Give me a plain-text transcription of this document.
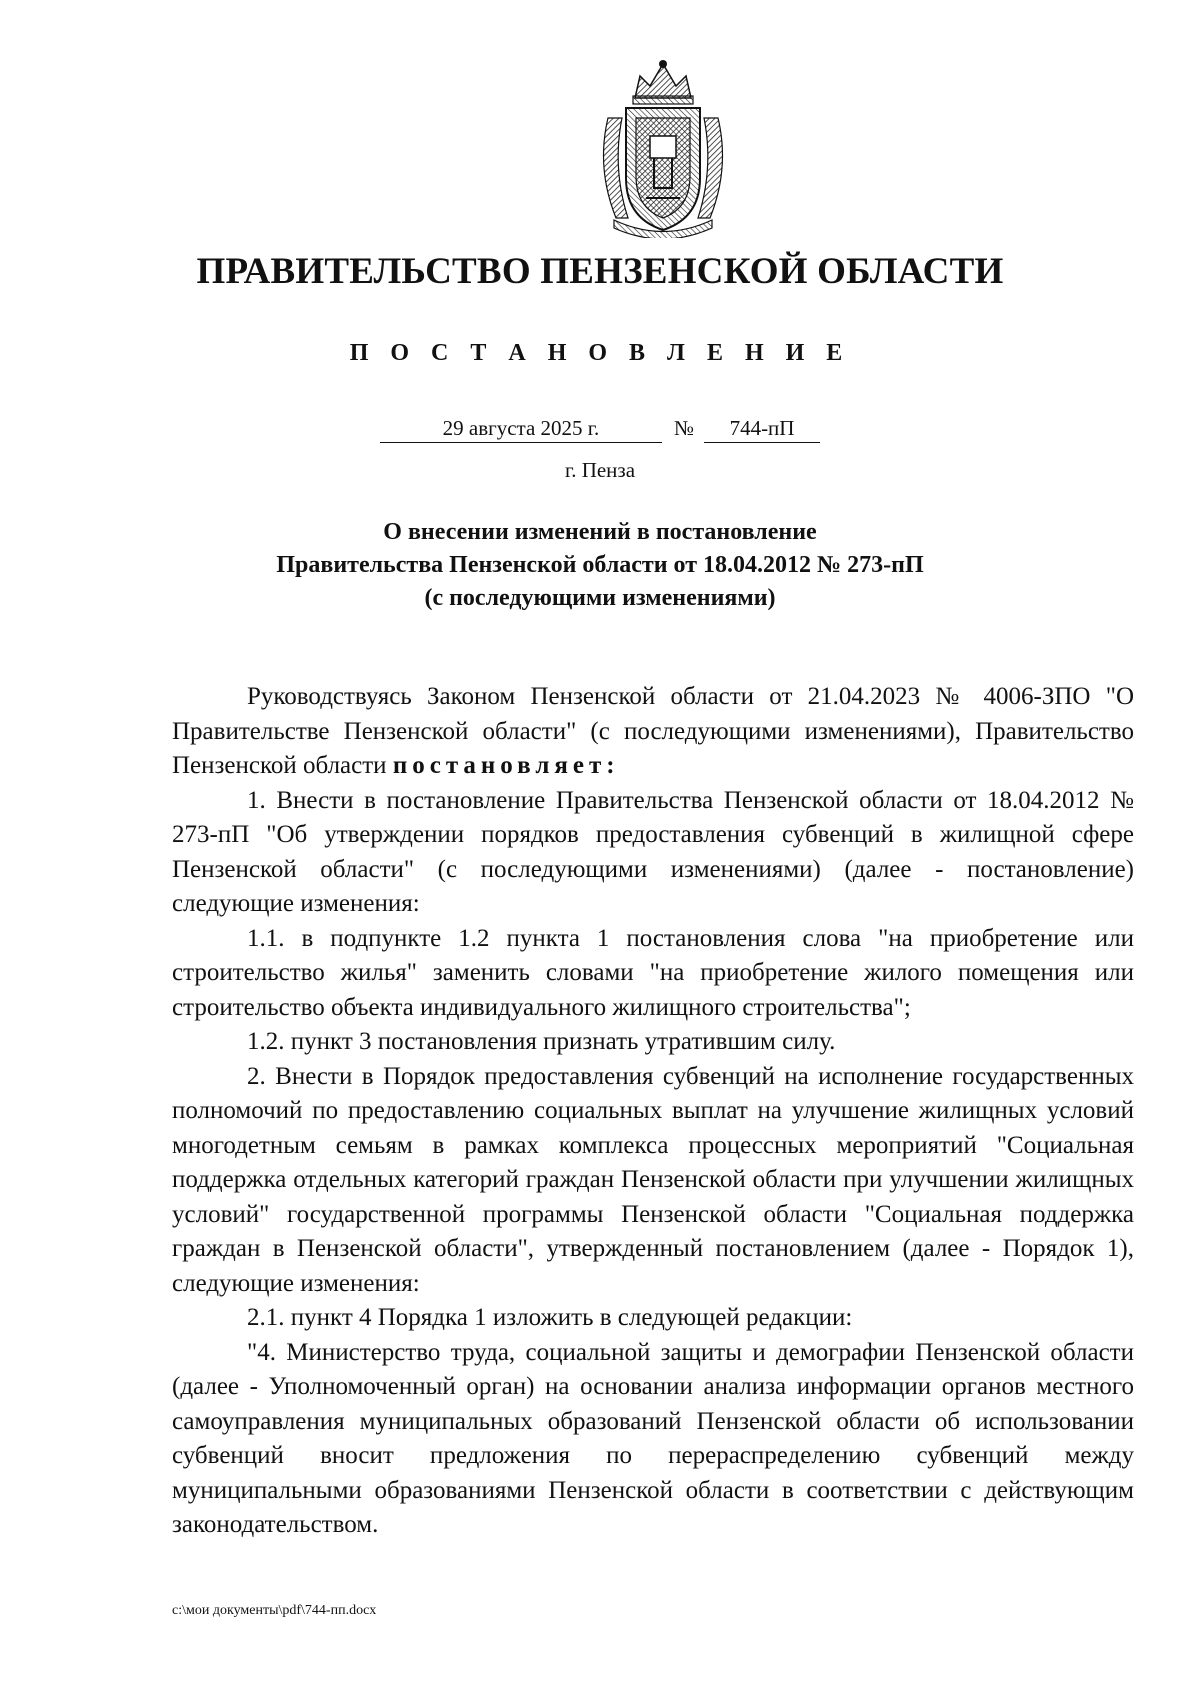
ПРАВИТЕЛЬСТВО ПЕНЗЕНСКОЙ ОБЛАСТИ
П О С Т А Н О В Л Е Н И Е
29 августа 2025 г.	№ 744-пП
г. Пенза
О внесении изменений в постановление
Правительства Пензенской области от 18.04.2012 № 273-пП
(с последующими изменениями)

Руководствуясь Законом Пензенской области от 21.04.2023 № 4006-ЗПО "О Правительстве Пензенской области" (с последующими изменениями), Правительство Пензенской области постановляет:

1. Внести в постановление Правительства Пензенской области от 18.04.2012 № 273-пП "Об утверждении порядков предоставления субвенций в жилищной сфере Пензенской области" (с последующими изменениями) (далее - постановление) следующие изменения:

1.1. в подпункте 1.2 пункта 1 постановления слова "на приобретение или строительство жилья" заменить словами "на приобретение жилого помещения или строительство объекта индивидуального жилищного строительства";

1.2. пункт 3 постановления признать утратившим силу.

2. Внести в Порядок предоставления субвенций на исполнение государственных полномочий по предоставлению социальных выплат на улучшение жилищных условий многодетным семьям в рамках комплекса процессных мероприятий "Социальная поддержка отдельных категорий граждан Пензенской области при улучшении жилищных условий" государственной программы Пензенской области "Социальная поддержка граждан в Пензенской области", утвержденный постановлением (далее - Порядок 1), следующие изменения:

2.1. пункт 4 Порядка 1 изложить в следующей редакции:

"4. Министерство труда, социальной защиты и демографии Пензенской области (далее - Уполномоченный орган) на основании анализа информации органов местного самоуправления муниципальных образований Пензенской области об использовании субвенций вносит предложения по перераспределению субвенций между муниципальными образованиями Пензенской области в соответствии с действующим законодательством.

c:\мои документы\pdf\744-пп.docx
